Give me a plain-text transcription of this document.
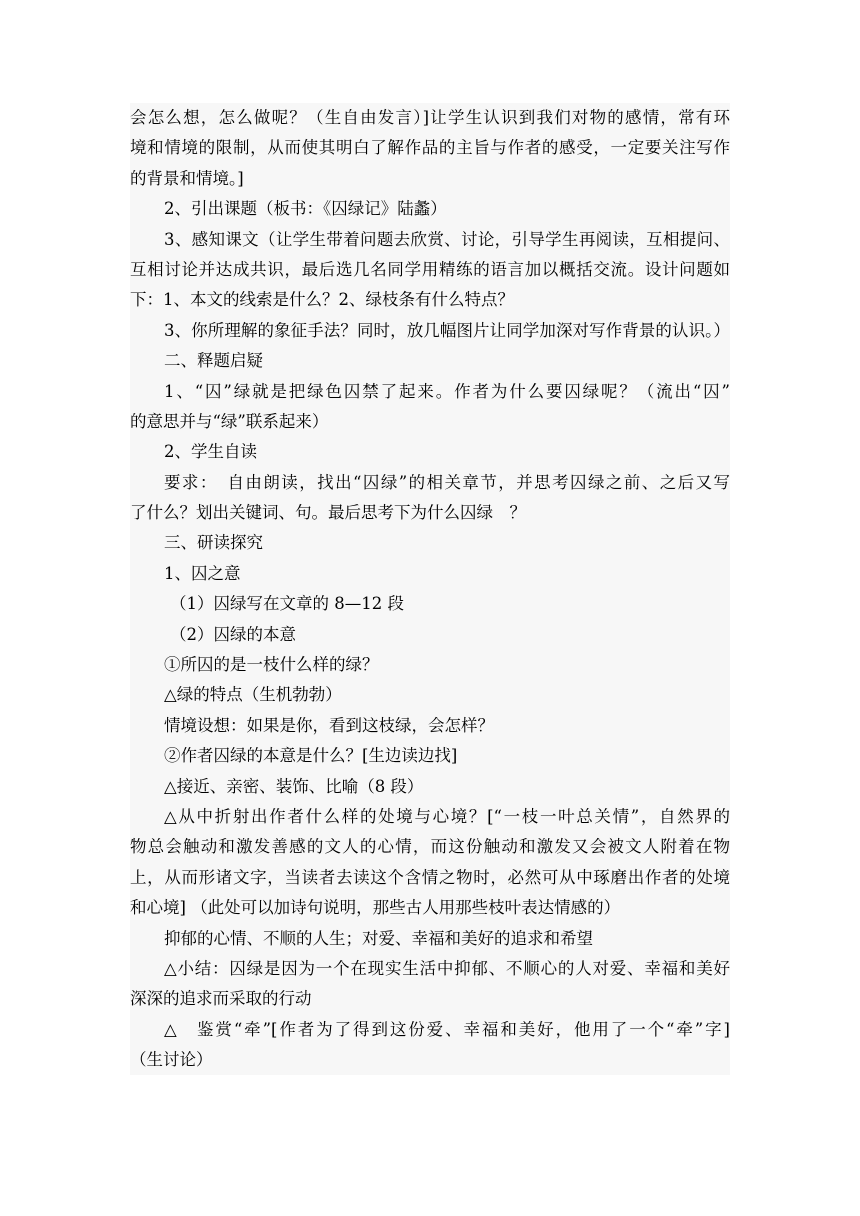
会怎么想，怎么做呢？（生自由发言）]让学生认识到我们对物的感情，常有环
境和情境的限制，从而使其明白了解作品的主旨与作者的感受，一定要关注写作
的背景和情境。]
2、引出课题（板书：《囚绿记》陆蠡）
3、感知课文（让学生带着问题去欣赏、讨论，引导学生再阅读，互相提问、
互相讨论并达成共识，最后选几名同学用精练的语言加以概括交流。设计问题如
下：1、本文的线索是什么？2、绿枝条有什么特点？
3、你所理解的象征手法？同时，放几幅图片让同学加深对写作背景的认识。）
二、释题启疑
1、“囚”绿就是把绿色囚禁了起来。作者为什么要囚绿呢？（流出“囚”
的意思并与“绿”联系起来）
2、学生自读
要求：　自由朗读，找出“囚绿”的相关章节，并思考囚绿之前、之后又写
了什么？划出关键词、句。最后思考下为什么囚绿　？
三、研读探究
1、囚之意
（1）囚绿写在文章的 8—12 段
（2）囚绿的本意
①所囚的是一枝什么样的绿？
△绿的特点（生机勃勃）
情境设想：如果是你，看到这枝绿，会怎样？
②作者囚绿的本意是什么？[生边读边找]
△接近、亲密、装饰、比喻（8 段）
△从中折射出作者什么样的处境与心境？[“一枝一叶总关情”，自然界的
物总会触动和激发善感的文人的心情，而这份触动和激发又会被文人附着在物
上，从而形诸文字，当读者去读这个含情之物时，必然可从中琢磨出作者的处境
和心境] （此处可以加诗句说明，那些古人用那些枝叶表达情感的）
抑郁的心情、不顺的人生；对爱、幸福和美好的追求和希望
△小结：囚绿是因为一个在现实生活中抑郁、不顺心的人对爱、幸福和美好
深深的追求而采取的行动
△　鉴赏“牵”[作者为了得到这份爱、幸福和美好，他用了一个“牵”字]
（生讨论）
